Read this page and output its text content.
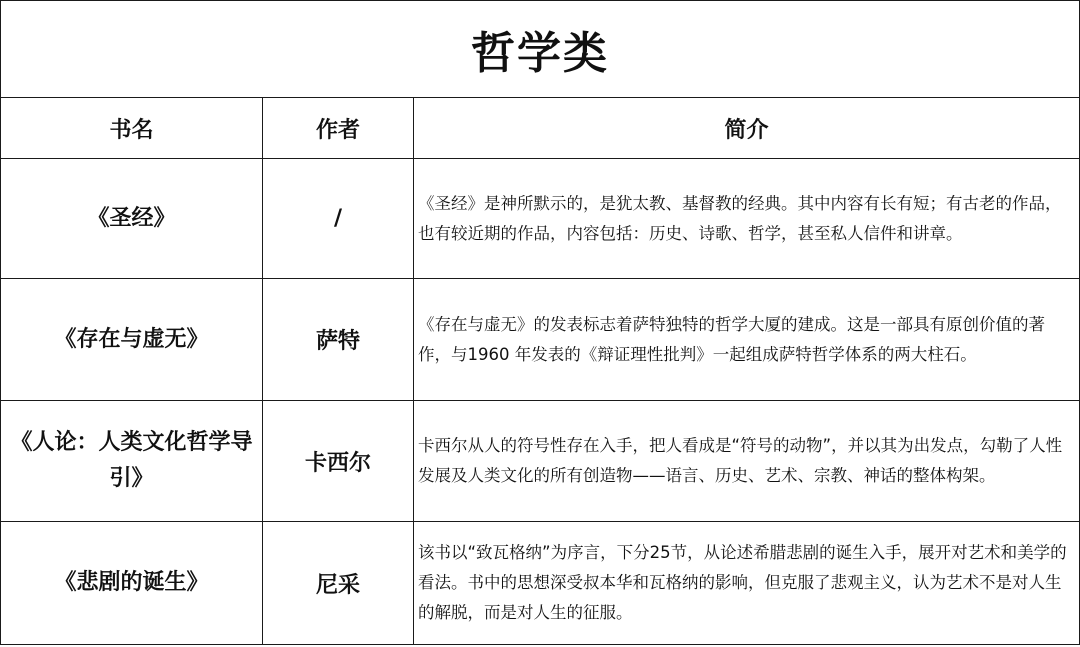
哲学类		
书名	作者	简介
《圣经》	/	《圣经》是神所默示的，是犹太教、基督教的经典。其中内容有长有短；有古老的作品，也有较近期的作品，内容包括：历史、诗歌、哲学，甚至私人信件和讲章。
《存在与虚无》	萨特	《存在与虚无》的发表标志着萨特独特的哲学大厦的建成。这是一部具有原创价值的著作，与1960 年发表的《辩证理性批判》一起组成萨特哲学体系的两大柱石。
《人论：人类文化哲学导引》	卡西尔	卡西尔从人的符号性存在入手，把人看成是“符号的动物”，并以其为出发点，勾勒了人性发展及人类文化的所有创造物——语言、历史、艺术、宗教、神话的整体构架。
《悲剧的诞生》	尼采	该书以“致瓦格纳”为序言，下分25节，从论述希腊悲剧的诞生入手，展开对艺术和美学的看法。书中的思想深受叔本华和瓦格纳的影响，但克服了悲观主义，认为艺术不是对人生的解脱，而是对人生的征服。
